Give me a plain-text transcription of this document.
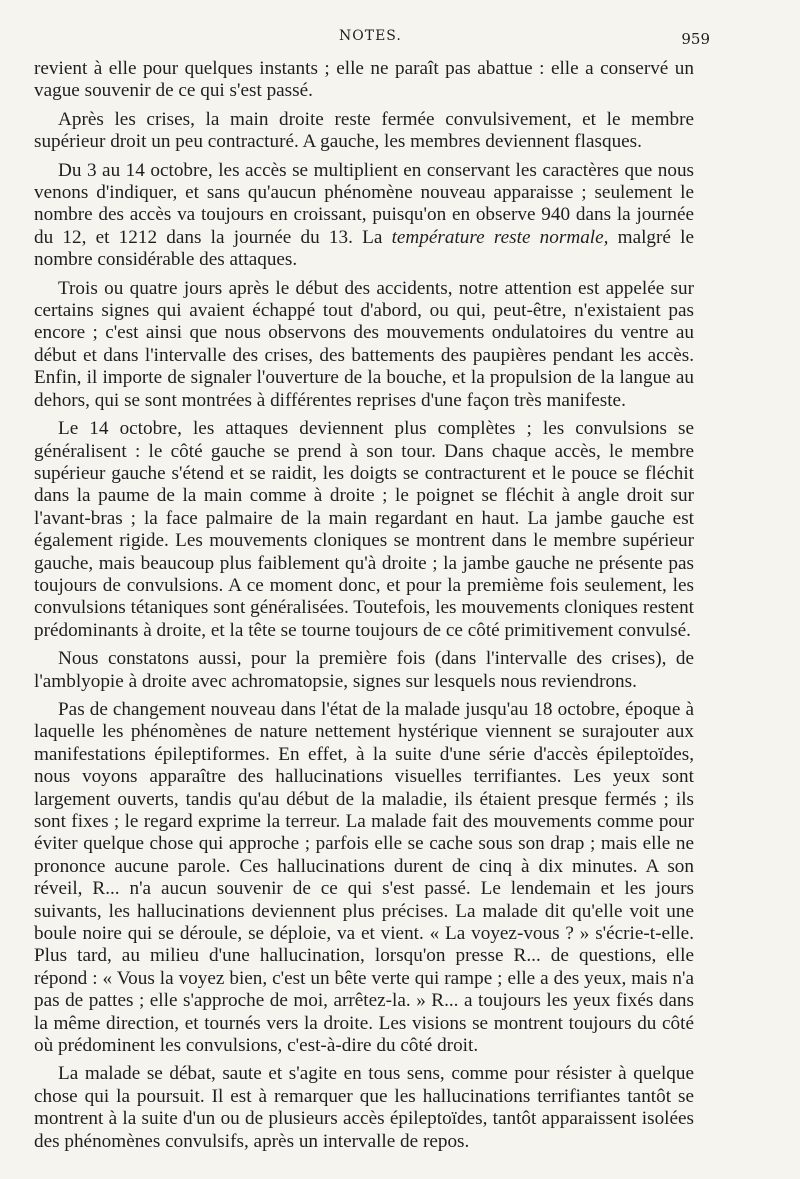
NOTES.	959

revient à elle pour quelques instants ; elle ne paraît pas abattue : elle a conservé un vague souvenir de ce qui s'est passé.

Après les crises, la main droite reste fermée convulsivement, et le membre supérieur droit un peu contracturé. A gauche, les membres deviennent flasques.

Du 3 au 14 octobre, les accès se multiplient en conservant les caractères que nous venons d'indiquer, et sans qu'aucun phénomène nouveau apparaisse ; seulement le nombre des accès va toujours en croissant, puisqu'on en observe 940 dans la journée du 12, et 1212 dans la journée du 13. La température reste normale, malgré le nombre considérable des attaques.

Trois ou quatre jours après le début des accidents, notre attention est appelée sur certains signes qui avaient échappé tout d'abord, ou qui, peut-être, n'existaient pas encore ; c'est ainsi que nous observons des mouvements ondulatoires du ventre au début et dans l'intervalle des crises, des battements des paupières pendant les accès. Enfin, il importe de signaler l'ouverture de la bouche, et la propulsion de la langue au dehors, qui se sont montrées à différentes reprises d'une façon très manifeste.

Le 14 octobre, les attaques deviennent plus complètes ; les convulsions se généralisent : le côté gauche se prend à son tour. Dans chaque accès, le membre supérieur gauche s'étend et se raidit, les doigts se contracturent et le pouce se fléchit dans la paume de la main comme à droite ; le poignet se fléchit à angle droit sur l'avant-bras ; la face palmaire de la main regardant en haut. La jambe gauche est également rigide. Les mouvements cloniques se montrent dans le membre supérieur gauche, mais beaucoup plus faiblement qu'à droite ; la jambe gauche ne présente pas toujours de convulsions. A ce moment donc, et pour la premième fois seulement, les convulsions tétaniques sont généralisées. Toutefois, les mouvements cloniques restent prédominants à droite, et la tête se tourne toujours de ce côté primitivement convulsé.

Nous constatons aussi, pour la première fois (dans l'intervalle des crises), de l'amblyopie à droite avec achromatopsie, signes sur lesquels nous reviendrons.

Pas de changement nouveau dans l'état de la malade jusqu'au 18 octobre, époque à laquelle les phénomènes de nature nettement hystérique viennent se surajouter aux manifestations épileptiformes. En effet, à la suite d'une série d'accès épileptoïdes, nous voyons apparaître des hallucinations visuelles terrifiantes. Les yeux sont largement ouverts, tandis qu'au début de la maladie, ils étaient presque fermés ; ils sont fixes ; le regard exprime la terreur. La malade fait des mouvements comme pour éviter quelque chose qui approche ; parfois elle se cache sous son drap ; mais elle ne prononce aucune parole. Ces hallucinations durent de cinq à dix minutes. A son réveil, R... n'a aucun souvenir de ce qui s'est passé. Le lendemain et les jours suivants, les hallucinations deviennent plus précises. La malade dit qu'elle voit une boule noire qui se déroule, se déploie, va et vient. « La voyez-vous ? » s'écrie-t-elle. Plus tard, au milieu d'une hallucination, lorsqu'on presse R... de questions, elle répond : « Vous la voyez bien, c'est un bête verte qui rampe ; elle a des yeux, mais n'a pas de pattes ; elle s'approche de moi, arrêtez-la. » R... a toujours les yeux fixés dans la même direction, et tournés vers la droite. Les visions se montrent toujours du côté où prédominent les convulsions, c'est-à-dire du côté droit.

La malade se débat, saute et s'agite en tous sens, comme pour résister à quelque chose qui la poursuit. Il est à remarquer que les hallucinations terrifiantes tantôt se montrent à la suite d'un ou de plusieurs accès épileptoïdes, tantôt apparaissent isolées des phénomènes convulsifs, après un intervalle de repos.
